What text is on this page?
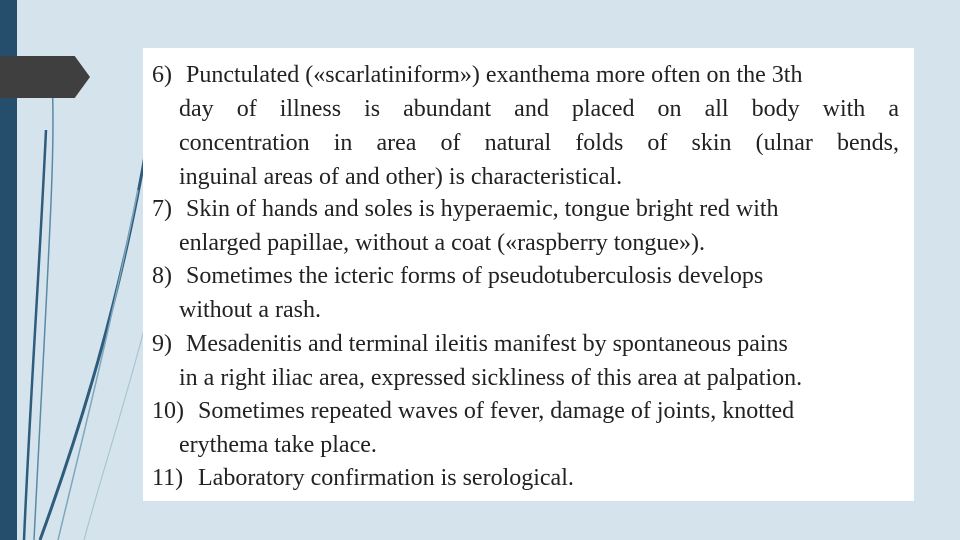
6) Punctulated («scarlatiniform») exanthema more often on the 3th
day of illness is abundant and placed on all body with a
concentration in area of natural folds of skin (ulnar bends,
inguinal areas of and other) is characteristical.
7) Skin of hands and soles is hyperaemic, tongue bright red with
enlarged papillae, without a coat («raspberry tongue»).
8) Sometimes the icteric forms of pseudotuberculosis develops
without a rash.
9) Mesadenitis and terminal ileitis manifest by spontaneous pains
in a right iliac area, expressed sickliness of this area at palpation.
10) Sometimes repeated waves of fever, damage of joints, knotted
erythema take place.
11) Laboratory confirmation is serological.
